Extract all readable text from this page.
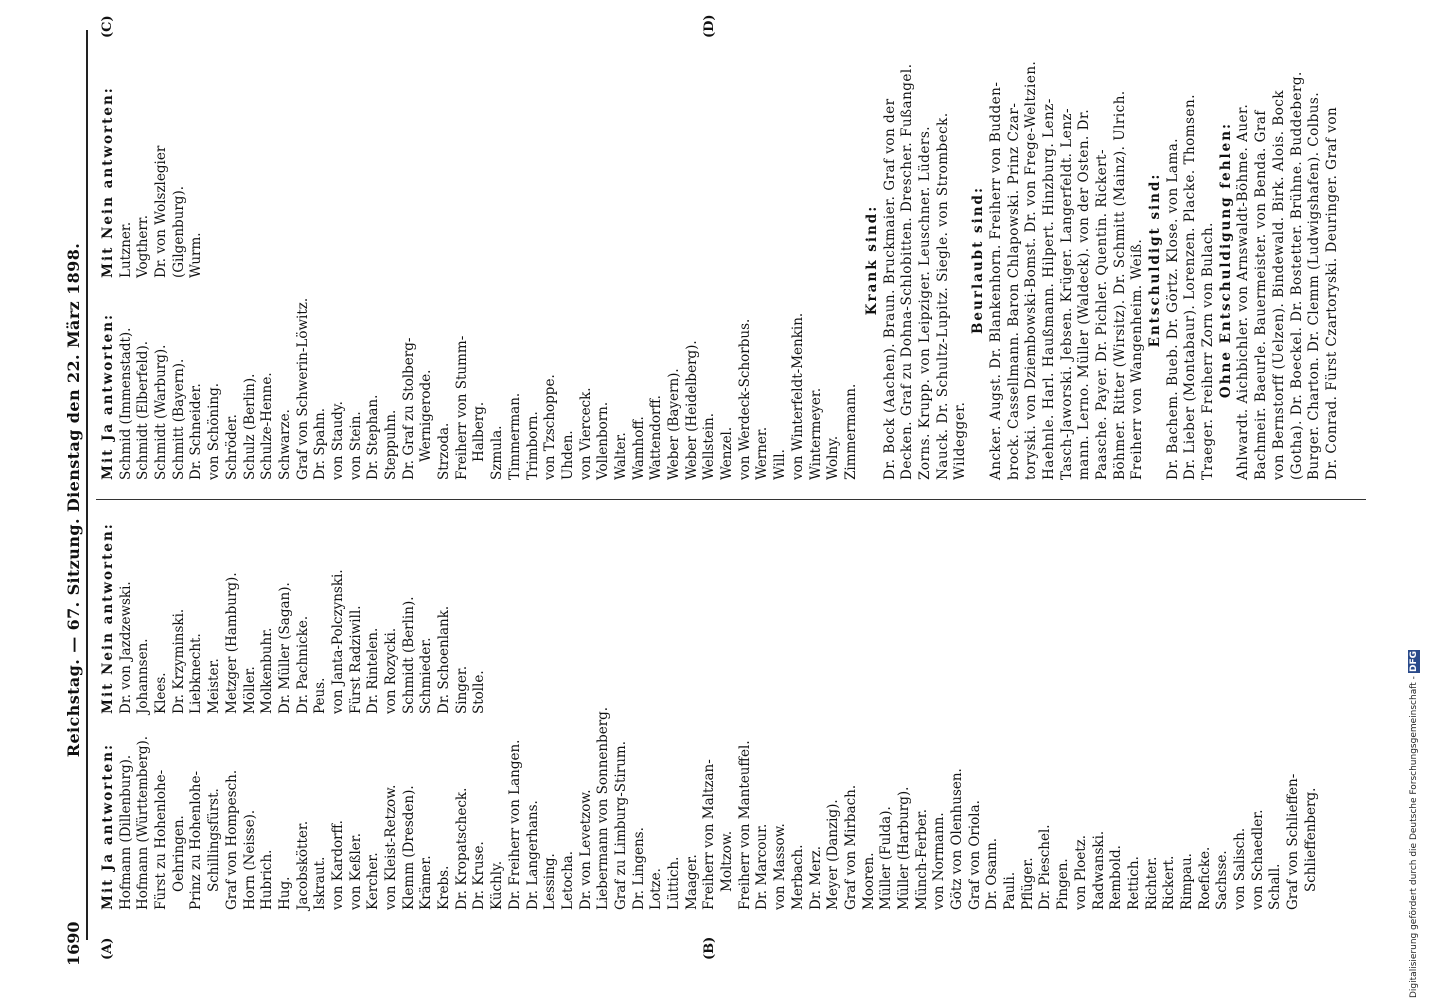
1690
Reichstag. — 67. Sitzung. Dienstag den 22. März 1898.
(A)	(B)
(C)	(D)
Mit Ja antworten: Hofmann (Dillenburg). Hofmann (Württemberg). Fürst zu Hohenlohe- Oehringen. Prinz zu Hohenlohe- Schillingsfürst. Graf von Hompesch. Horn (Neisse). Hubrich. Hug. Jacobskötter. Iskraut. von Kardorff. von Keßler. Kercher. von Kleist-Retzow. Klemm (Dresden). Krämer. Krebs. Dr. Kropatscheck. Dr. Kruse. Küchly. Dr. Freiherr von Langen. Dr. Langerhans. Lessing. Letocha. Dr. von Levetzow. Liebermann von Sonnenberg. Graf zu Limburg-Stirum. Dr. Lingens. Lotze. Lüttich. Maager. Freiherr von Maltzan- Moltzow. Freiherr von Manteuffel. Dr. Marcour. von Massow. Merbach. Dr. Merz. Meyer (Danzig). Graf von Mirbach. Mooren. Müller (Fulda). Müller (Harburg). Münch-Ferber. von Normann. Götz von Olenhusen. Graf von Oriola. Dr. Osann. Pauli. Pflüger. Dr. Pieschel. Pingen. von Ploetz. Radwanski. Rembold. Rettich. Richter. Rickert. Rimpau. Roeficke. Sachsse. von Salisch. von Schaedler. Schall. Graf von Schlieffen- Schlieffenberg.
Mit Nein antworten: Dr. von Jazdzewski. Johannsen. Klees. Dr. Krzyminski. Liebknecht. Meister. Metzger (Hamburg). Möller. Molkenbuhr. Dr. Müller (Sagan). Dr. Pachnicke. Peus. von Janta-Polczynski. Fürst Radziwill. Dr. Rintelen. von Rozycki. Schmidt (Berlin). Schmieder. Dr. Schoenlank. Singer. Stolle.
Mit Ja antworten: Schmid (Immenstadt). Schmidt (Elberfeld). Schmidt (Warburg). Schmitt (Bayern). Dr. Schneider. von Schöning. Schröder. Schulz (Berlin). Schulze-Henne. Schwarze. Graf von Schwerin-Löwitz. Dr. Spahn. von Staudy. von Stein. Dr. Stephan. Steppuhn. Dr. Graf zu Stolberg- Wernigerode. Strzoda. Freiherr von Stumm- Halberg. Szmula. Timmerman. Trimborn. von Tzschoppe. Uhden. von Vierceck. Vollenborn. Walter. Wamhoff. Wattendorff. Weber (Bayern). Weber (Heidelberg). Wellstein. Wenzel. von Werdeck-Schorbus. Werner. Will. von Winterfeldt-Menkin. Wintermeyer. Wolny. Zimmermann.
Mit Nein antworten: Lutzner. Vogtherr. Dr. von Wolszlegier (Gilgenburg). Wurm.	Krank sind: Dr. Bock (Aachen). Braun. Bruckmaier. Graf von der Decken. Graf zu Dohna-Schlobitten. Drescher. Fußangel. Zorns. Krupp. von Leipziger. Leuschner. Lüders. Nauck. Dr. Schultz-Lupitz. Siegle. von Strombeck. Wildegger.
Beurlaubt sind: Ancker. Augst. Dr. Blankenhorn. Freiherr von Budden- brock. Cassellmann. Baron Chlapowski. Prinz Czar- toryski. von Dziembowski-Bomst. Dr. von Frege-Weltzien. Haehnle. Harl. Haußmann. Hilpert. Hinzburg. Lenz- Tasch-Jaworski. Jebsen. Krüger. Langerfeldt. Lenz- mann. Lerno. Müller (Waldeck). von der Osten. Dr. Paasche. Payer. Dr. Pichler. Quentin. Rickert- Böhmer. Ritter (Wirsitz). Dr. Schmitt (Mainz). Ulrich. Freiherr von Wangenheim. Weiß. Entschuldigt sind: Dr. Bachem. Bueb. Dr. Görtz. Klose. von Lama. Dr. Lieber (Montabaur). Lorenzen. Placke. Thomsen. Traeger. Freiherr Zorn von Bulach. Ohne Entschuldigung fehlen: Ahlwardt. Aichbichler. von Arnswaldt-Böhme. Auer. Bachmeir. Baeurle. Bauermeister. von Benda. Graf von Bernstorff (Uelzen). Bindewald. Birk. Alois. Bock (Gotha). Dr. Boeckel. Dr. Bostetter. Brühne. Buddeberg. Burger. Charton. Dr. Clemm (Ludwigshafen). Colbus. Dr. Conrad. Fürst Czartoryski. Deuringer. Graf von
Digitalisierung gefördert durch die Deutsche Forschungsgemeinschaft - DFG
